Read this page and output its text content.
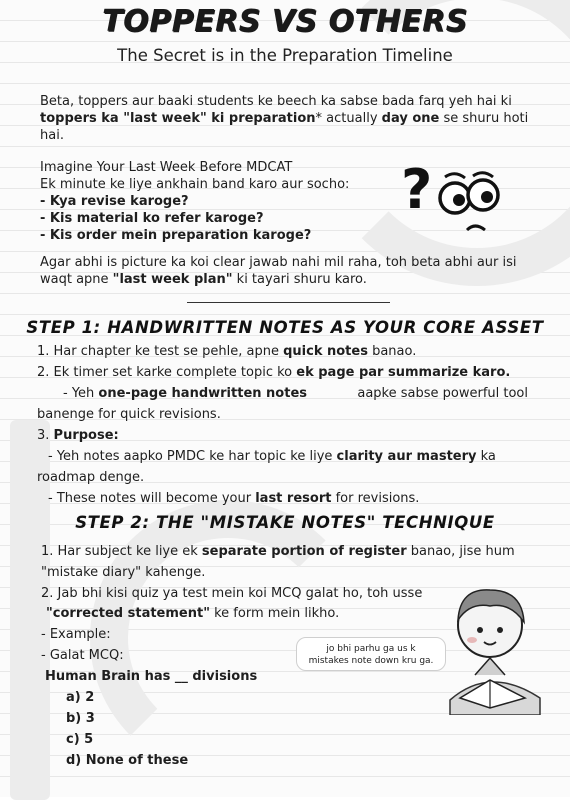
TOPPERS VS OTHERS
The Secret is in the Preparation Timeline
Beta, toppers aur baaki students ke beech ka sabse bada farq yeh hai ki toppers ka "last week" ki preparation* actually day one se shuru hoti hai.
Imagine Your Last Week Before MDCAT
Ek minute ke liye ankhain band karo aur socho:
- Kya revise karoge?
- Kis material ko refer karoge?
- Kis order mein preparation karoge?
?
Agar abhi is picture ka koi clear jawab nahi mil raha, toh beta abhi aur isi waqt apne "last week plan" ki tayari shuru karo.
STEP 1: HANDWRITTEN NOTES AS YOUR CORE ASSET
1. Har chapter ke test se pehle, apne quick notes banao.
2. Ek timer set karke complete topic ko ek page par summarize karo.
- Yeh one-page handwritten notes	aapke sabse powerful tool
banenge for quick revisions.
3. Purpose:
- Yeh notes aapko PMDC ke har topic ke liye clarity aur mastery ka
roadmap denge.
- These notes will become your last resort for revisions.
STEP 2: THE "MISTAKE NOTES" TECHNIQUE
1. Har subject ke liye ek separate portion of register banao, jise hum
"mistake diary" kahenge.
2. Jab bhi kisi quiz ya test mein koi MCQ galat ho, toh usse
"corrected statement" ke form mein likho.
- Example:
- Galat MCQ:
Human Brain has __ divisions
a) 2
b) 3
c) 5
d) None of these
jo bhi parhu ga us k
mistakes note down kru ga.
